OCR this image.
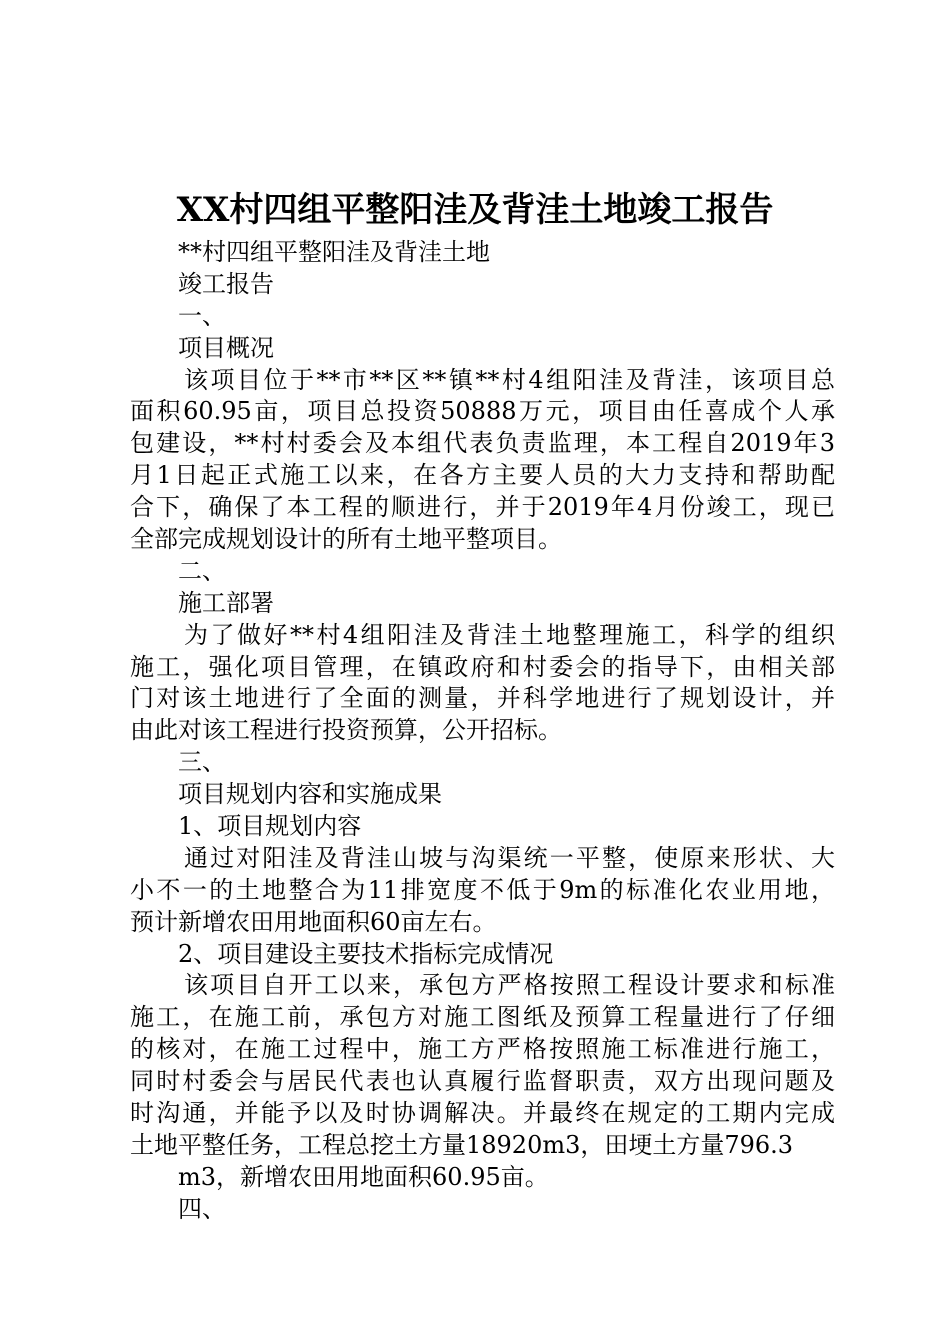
XX村四组平整阳洼及背洼土地竣工报告
**村四组平整阳洼及背洼土地
竣工报告
一、
项目概况
该项目位于**市**区**镇**村4组阳洼及背洼，该项目总
面积60.95亩，项目总投资50888万元，项目由任喜成个人承
包建设，**村村委会及本组代表负责监理，本工程自2019年3
月1日起正式施工以来，在各方主要人员的大力支持和帮助配
合下，确保了本工程的顺进行，并于2019年4月份竣工，现已
全部完成规划设计的所有土地平整项目。
二、
施工部署
为了做好**村4组阳洼及背洼土地整理施工，科学的组织
施工，强化项目管理，在镇政府和村委会的指导下，由相关部
门对该土地进行了全面的测量，并科学地进行了规划设计，并
由此对该工程进行投资预算，公开招标。
三、
项目规划内容和实施成果
1、项目规划内容
通过对阳洼及背洼山坡与沟渠统一平整，使原来形状、大
小不一的土地整合为11排宽度不低于9m的标准化农业用地，
预计新增农田用地面积60亩左右。
2、项目建设主要技术指标完成情况
该项目自开工以来，承包方严格按照工程设计要求和标准
施工，在施工前，承包方对施工图纸及预算工程量进行了仔细
的核对，在施工过程中，施工方严格按照施工标准进行施工，
同时村委会与居民代表也认真履行监督职责，双方出现问题及
时沟通，并能予以及时协调解决。并最终在规定的工期内完成
土地平整任务，工程总挖土方量18920m3，田埂土方量796.3
m3，新增农田用地面积60.95亩。
四、
